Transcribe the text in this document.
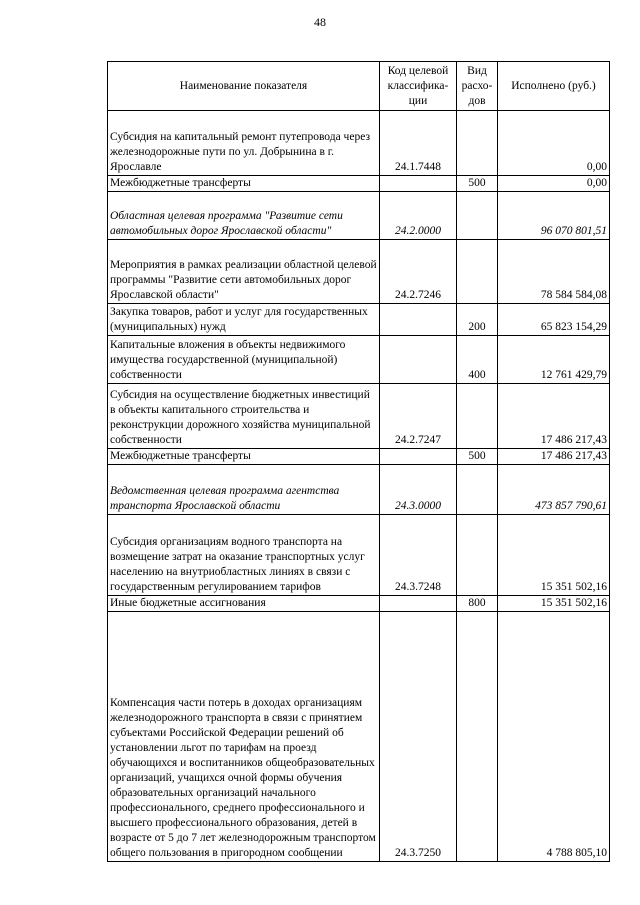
48
Наименование показателя	Код целевой классифика-ции	Вид расхо-дов	Исполнено (руб.)
Субсидия на капитальный ремонт путепровода через железнодорожные пути по ул. Добрынина в г. Ярославле	24.1.7448		0,00
Межбюджетные трансферты		500	0,00
Областная целевая программа "Развитие сети автомобильных дорог Ярославской области"	24.2.0000		96 070 801,51
Мероприятия в рамках реализации областной целевой программы "Развитие сети автомобильных дорог Ярославской области"	24.2.7246		78 584 584,08
Закупка товаров, работ и услуг для государственных (муниципальных) нужд		200	65 823 154,29
Капитальные вложения в объекты недвижимого имущества государственной (муниципальной) собственности		400	12 761 429,79
Субсидия на осуществление бюджетных инвестиций в объекты капитального строительства и реконструкции дорожного хозяйства муниципальной собственности	24.2.7247		17 486 217,43
Межбюджетные трансферты		500	17 486 217,43
Ведомственная целевая программа агентства транспорта Ярославской области	24.3.0000		473 857 790,61
Субсидия организациям водного транспорта на возмещение затрат на оказание транспортных услуг населению на внутриобластных линиях в связи с государственным регулированием тарифов	24.3.7248		15 351 502,16
Иные бюджетные ассигнования		800	15 351 502,16
Компенсация части потерь в доходах организациям железнодорожного транспорта в связи с принятием субъектами Российской Федерации решений об установлении льгот по тарифам на проезд обучающихся и воспитанников общеобразовательных организаций, учащихся очной формы обучения образовательных организаций начального профессионального, среднего профессионального и высшего профессионального образования, детей в возрасте от 5 до 7 лет железнодорожным транспортом общего пользования в пригородном сообщении	24.3.7250		4 788 805,10
